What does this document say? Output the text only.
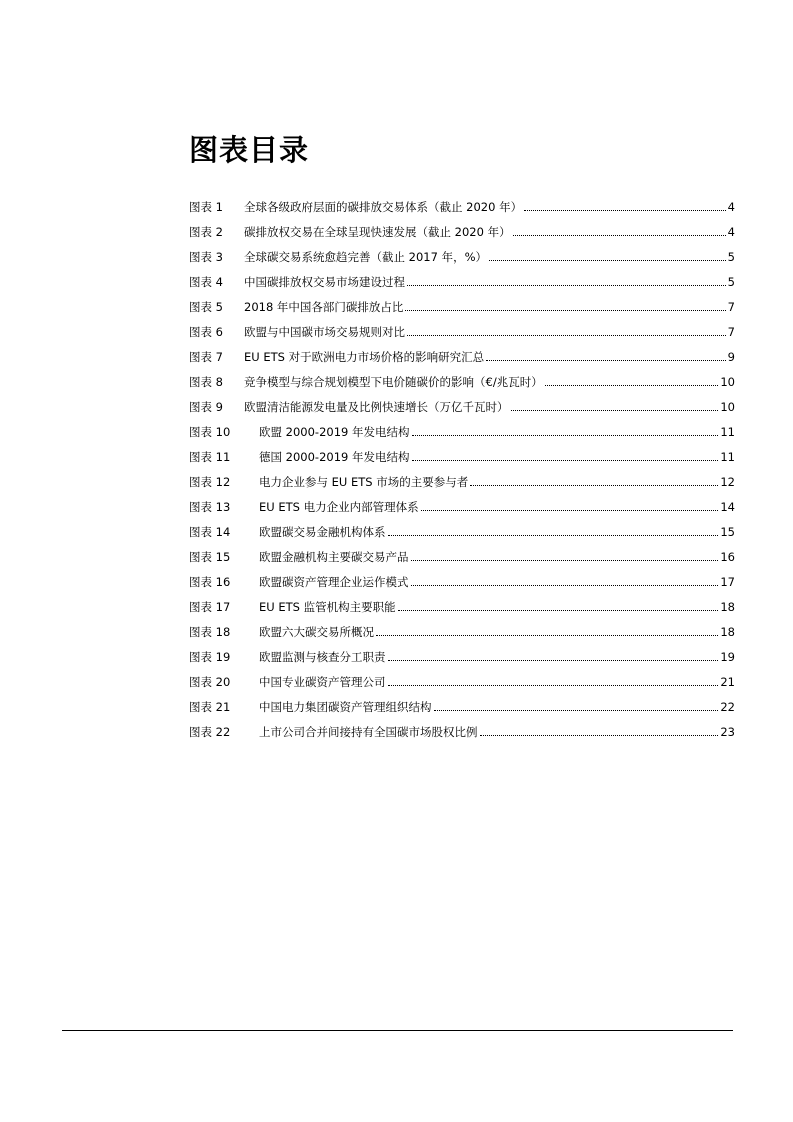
图表目录
图表 1	全球各级政府层面的碳排放交易体系（截止 2020 年）	4
图表 2	碳排放权交易在全球呈现快速发展（截止 2020 年）	4
图表 3	全球碳交易系统愈趋完善（截止 2017 年，%）	5
图表 4	中国碳排放权交易市场建设过程	5
图表 5	2018 年中国各部门碳排放占比	7
图表 6	欧盟与中国碳市场交易规则对比	7
图表 7	EU ETS 对于欧洲电力市场价格的影响研究汇总	9
图表 8	竞争模型与综合规划模型下电价随碳价的影响（€/兆瓦时）	10
图表 9	欧盟清洁能源发电量及比例快速增长（万亿千瓦时）	10
图表 10	欧盟 2000-2019 年发电结构	11
图表 11	德国 2000-2019 年发电结构	11
图表 12	电力企业参与 EU ETS 市场的主要参与者	12
图表 13	EU ETS 电力企业内部管理体系	14
图表 14	欧盟碳交易金融机构体系	15
图表 15	欧盟金融机构主要碳交易产品	16
图表 16	欧盟碳资产管理企业运作模式	17
图表 17	EU ETS 监管机构主要职能	18
图表 18	欧盟六大碳交易所概况	18
图表 19	欧盟监测与核查分工职责	19
图表 20	中国专业碳资产管理公司	21
图表 21	中国电力集团碳资产管理组织结构	22
图表 22	上市公司合并间接持有全国碳市场股权比例	23
